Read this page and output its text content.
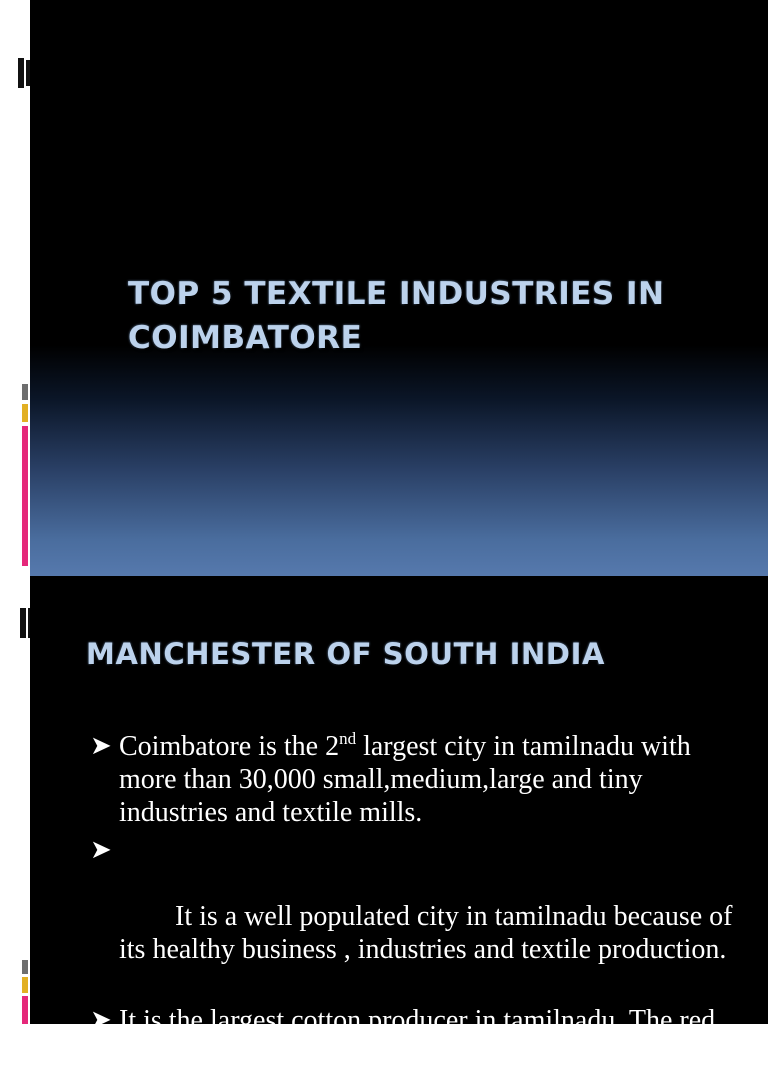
TOP 5 TEXTILE INDUSTRIES IN COIMBATORE
MANCHESTER OF SOUTH INDIA
➤ Coimbatore is the 2nd largest city in tamilnadu with more than 30,000 small,medium,large and tiny industries and textile mills.

➤

It is a well populated city in tamilnadu because of its healthy business , industries and textile production.

➤ It is the largest cotton producer in tamilnadu. The red soil, water facilities and climate
